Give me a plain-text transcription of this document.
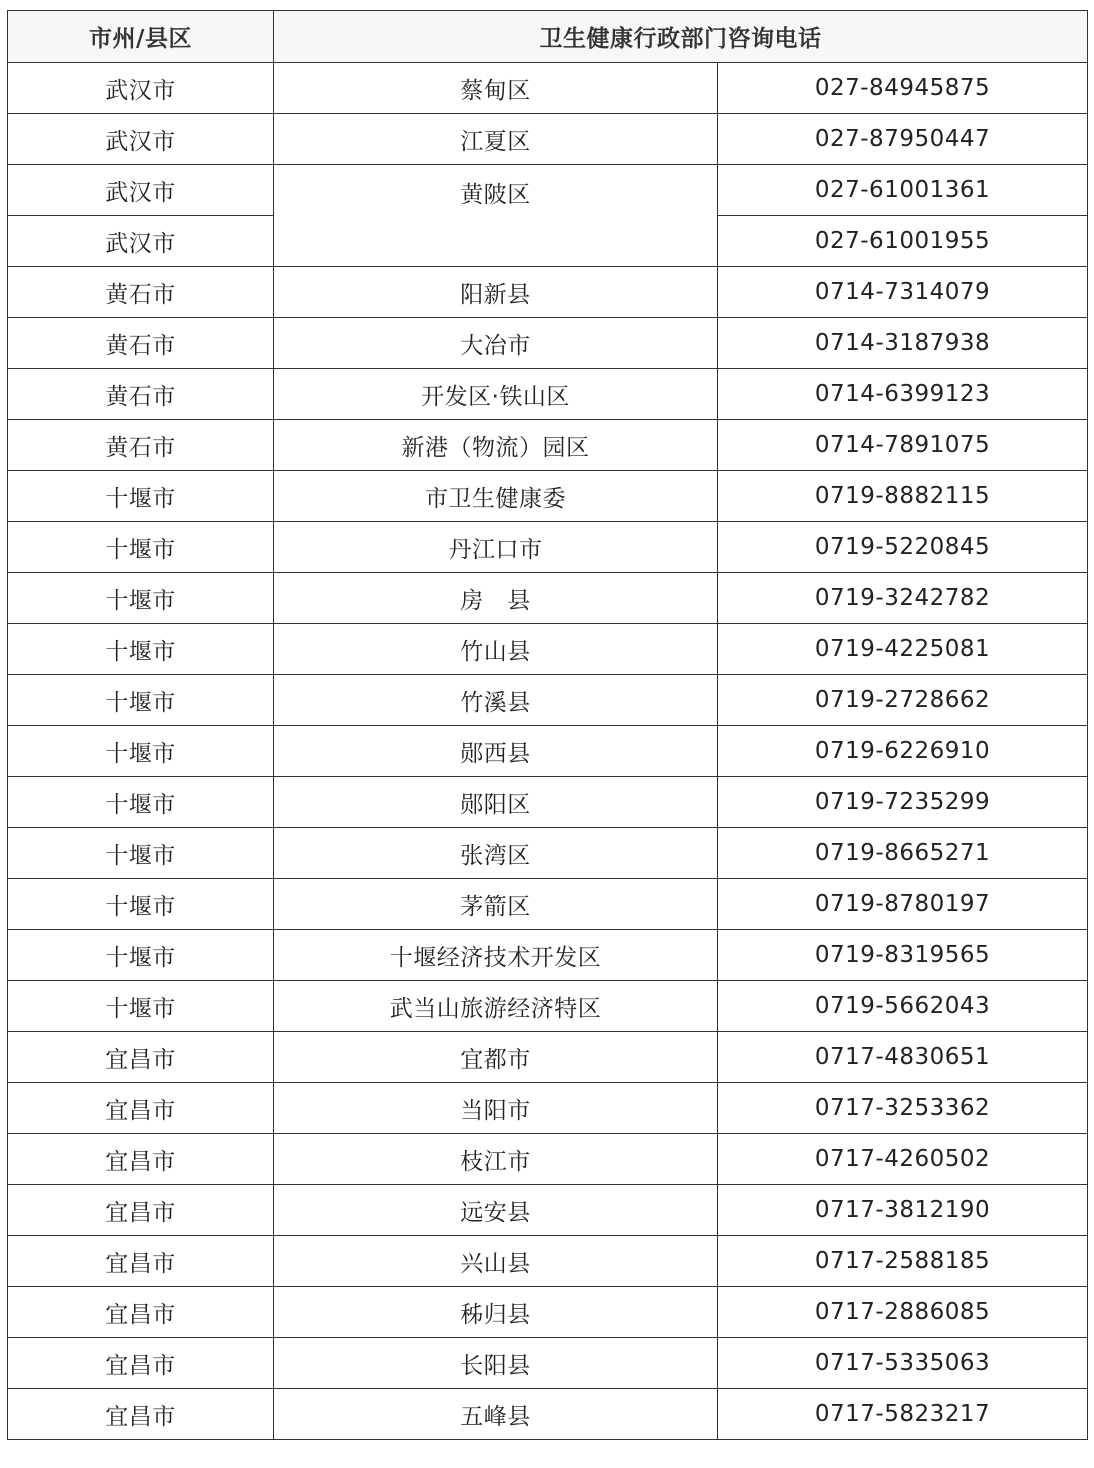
市州/县区	卫生健康行政部门咨询电话	
武汉市	蔡甸区	027-84945875
武汉市	江夏区	027-87950447
武汉市	黄陂区	027-61001361
武汉市		027-61001955
黄石市	阳新县	0714-7314079
黄石市	大冶市	0714-3187938
黄石市	开发区·铁山区	0714-6399123
黄石市	新港（物流）园区	0714-7891075
十堰市	市卫生健康委	0719-8882115
十堰市	丹江口市	0719-5220845
十堰市	房　县	0719-3242782
十堰市	竹山县	0719-4225081
十堰市	竹溪县	0719-2728662
十堰市	郧西县	0719-6226910
十堰市	郧阳区	0719-7235299
十堰市	张湾区	0719-8665271
十堰市	茅箭区	0719-8780197
十堰市	十堰经济技术开发区	0719-8319565
十堰市	武当山旅游经济特区	0719-5662043
宜昌市	宜都市	0717-4830651
宜昌市	当阳市	0717-3253362
宜昌市	枝江市	0717-4260502
宜昌市	远安县	0717-3812190
宜昌市	兴山县	0717-2588185
宜昌市	秭归县	0717-2886085
宜昌市	长阳县	0717-5335063
宜昌市	五峰县	0717-5823217
